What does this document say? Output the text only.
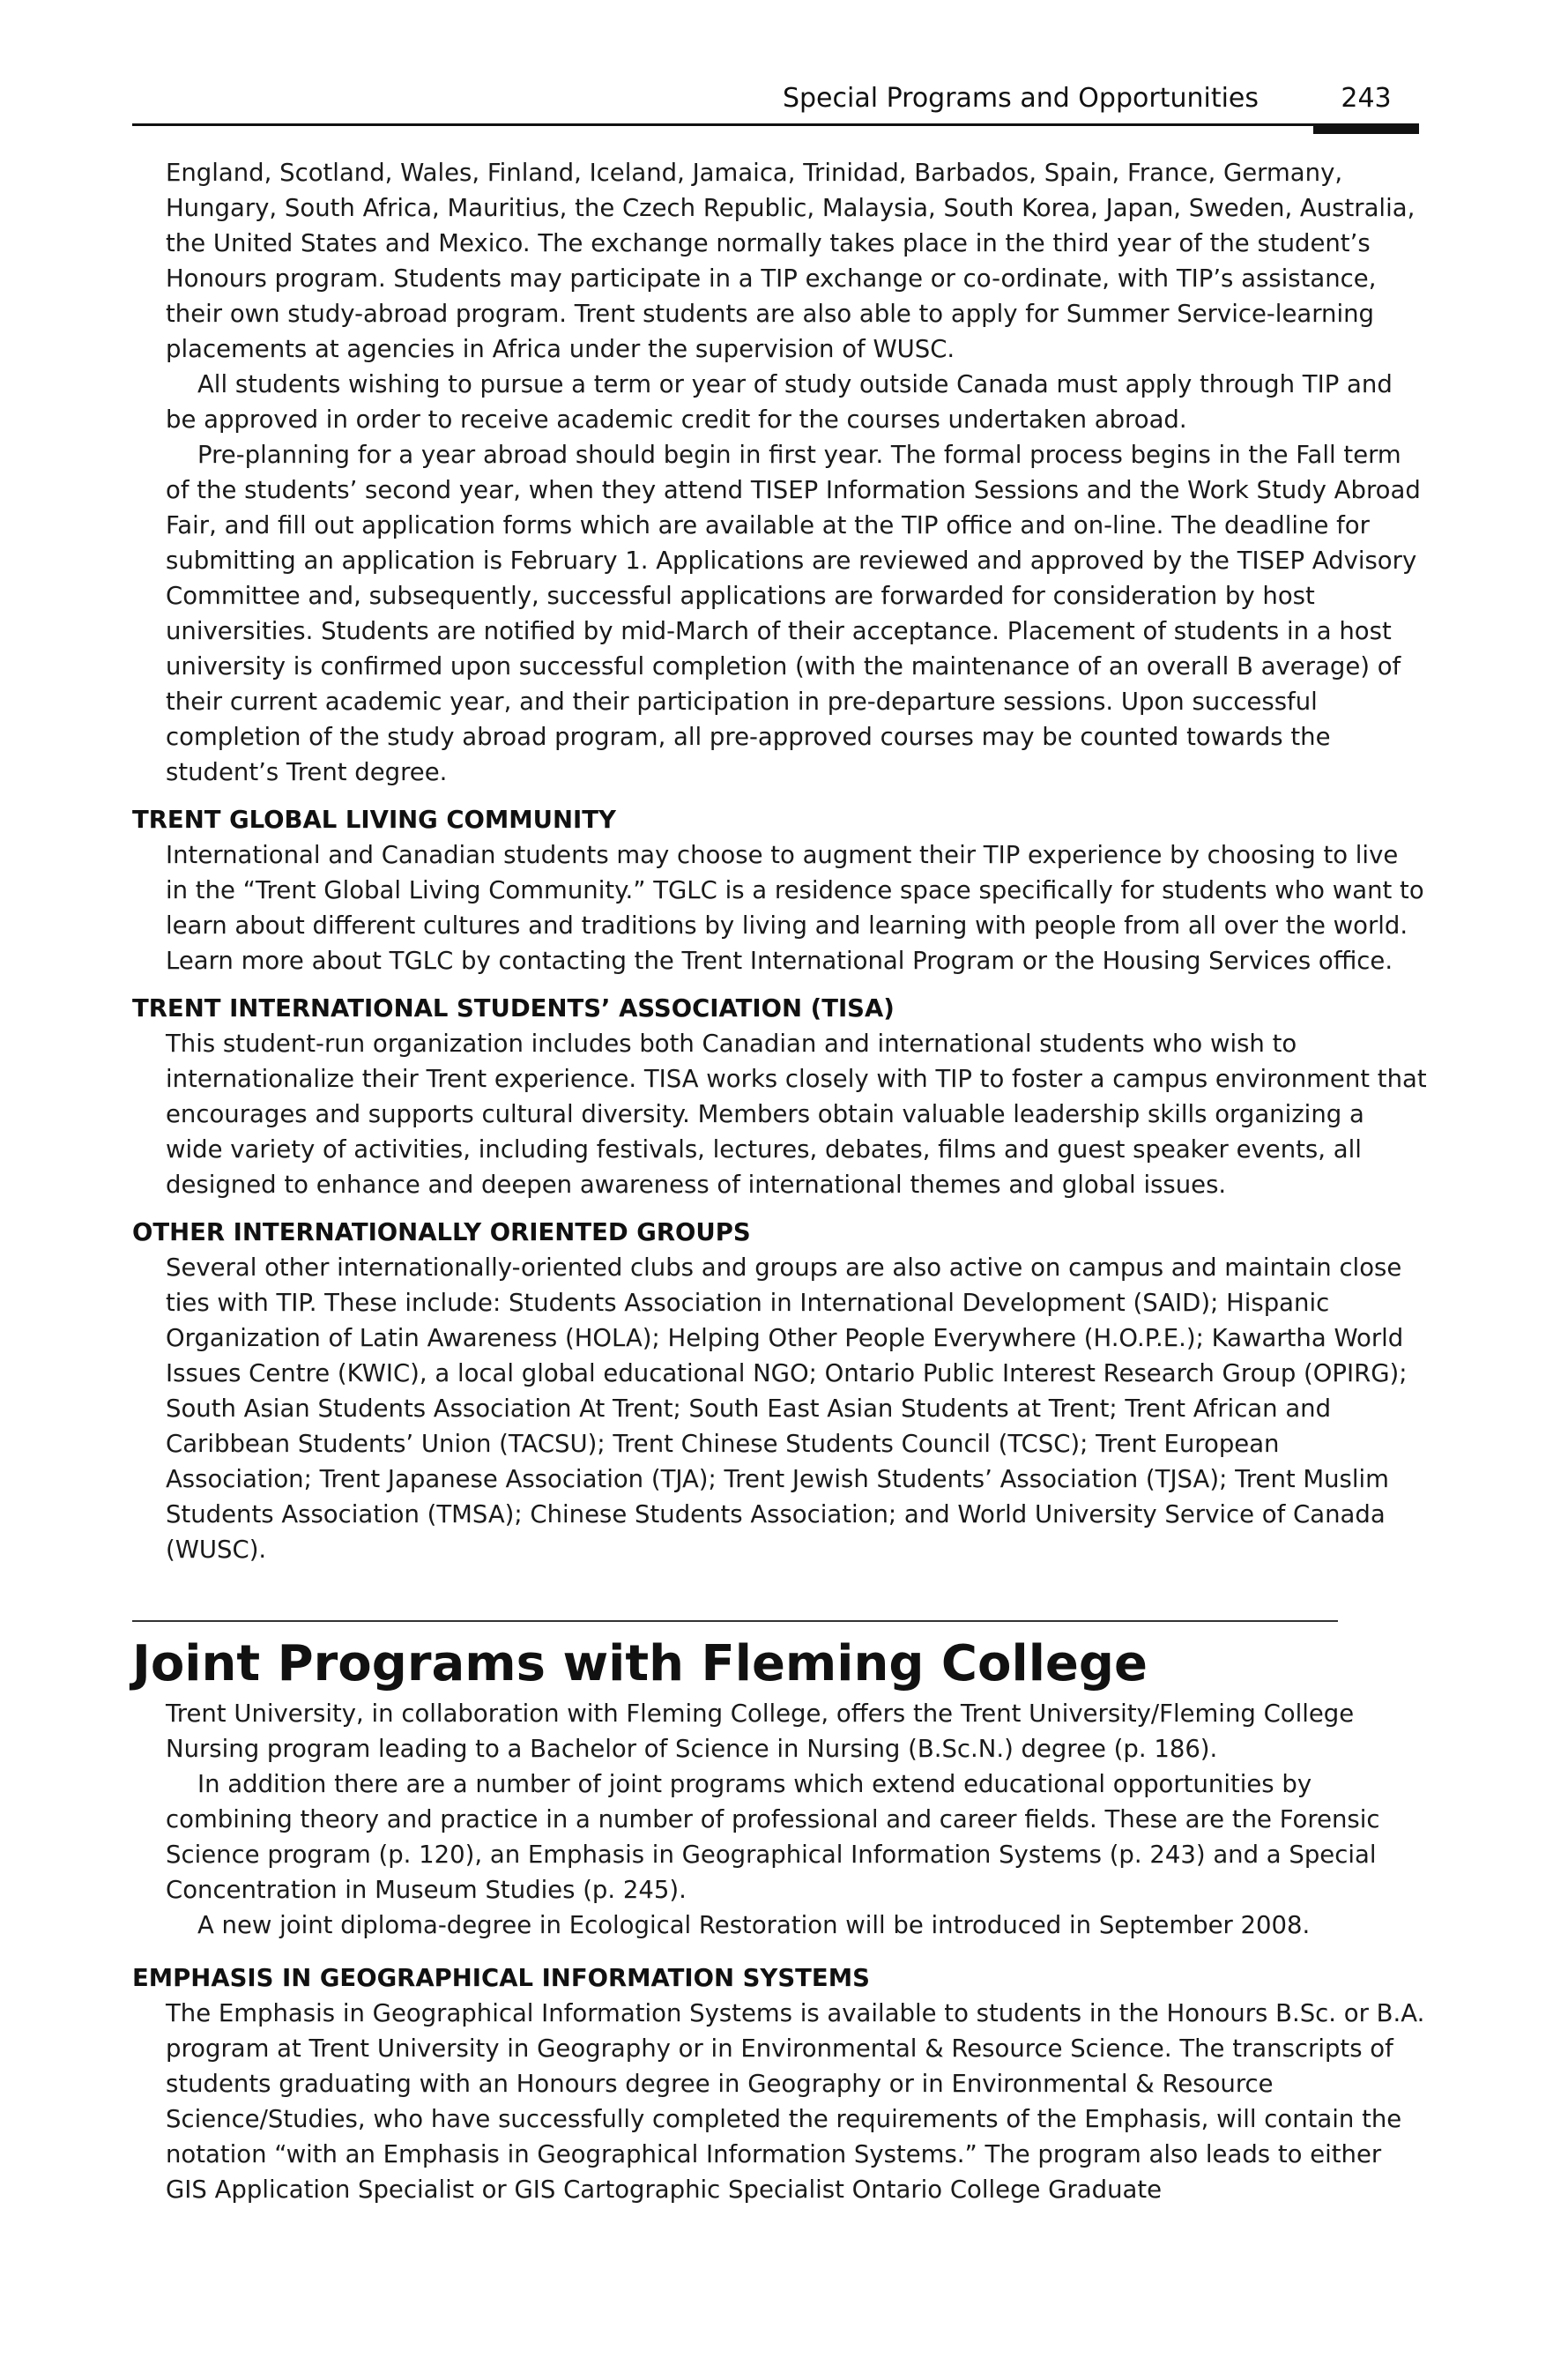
Special Programs and Opportunities	243

England, Scotland, Wales, Finland, Iceland, Jamaica, Trinidad, Barbados, Spain, France, Germany, Hungary, South Africa, Mauritius, the Czech Republic, Malaysia, South Korea, Japan, Sweden, Australia, the United States and Mexico. The exchange normally takes place in the third year of the student’s Honours program. Students may participate in a TIP exchange or co-ordinate, with TIP’s assistance, their own study-abroad program. Trent students are also able to apply for Summer Service-learning placements at agencies in Africa under the supervision of WUSC.

All students wishing to pursue a term or year of study outside Canada must apply through TIP and be approved in order to receive academic credit for the courses undertaken abroad.

Pre-planning for a year abroad should begin in first year. The formal process begins in the Fall term of the students’ second year, when they attend TISEP Information Sessions and the Work Study Abroad Fair, and fill out application forms which are available at the TIP office and on-line. The deadline for submitting an application is February 1. Applications are reviewed and approved by the TISEP Advisory Committee and, subsequently, successful applications are forwarded for consideration by host universities. Students are notified by mid-March of their acceptance. Placement of students in a host university is confirmed upon successful completion (with the maintenance of an overall B average) of their current academic year, and their participation in pre-departure sessions. Upon successful completion of the study abroad program, all pre-approved courses may be counted towards the student’s Trent degree.

TRENT GLOBAL LIVING COMMUNITY

International and Canadian students may choose to augment their TIP experience by choosing to live in the “Trent Global Living Community.” TGLC is a residence space specifically for students who want to learn about different cultures and traditions by living and learning with people from all over the world. Learn more about TGLC by contacting the Trent International Program or the Housing Services office.

TRENT INTERNATIONAL STUDENTS’ ASSOCIATION (TISA)

This student-run organization includes both Canadian and international students who wish to internationalize their Trent experience. TISA works closely with TIP to foster a campus environment that encourages and supports cultural diversity. Members obtain valuable leadership skills organizing a wide variety of activities, including festivals, lectures, debates, films and guest speaker events, all designed to enhance and deepen awareness of international themes and global issues.

OTHER INTERNATIONALLY ORIENTED GROUPS

Several other internationally-oriented clubs and groups are also active on campus and maintain close ties with TIP. These include: Students Association in International Development (SAID); Hispanic Organization of Latin Awareness (HOLA); Helping Other People Everywhere (H.O.P.E.); Kawartha World Issues Centre (KWIC), a local global educational NGO; Ontario Public Interest Research Group (OPIRG); South Asian Students Association At Trent; South East Asian Students at Trent; Trent African and Caribbean Students’ Union (TACSU); Trent Chinese Students Council (TCSC); Trent European Association; Trent Japanese Association (TJA); Trent Jewish Students’ Association (TJSA); Trent Muslim Students Association (TMSA); Chinese Students Association; and World University Service of Canada (WUSC).

Joint Programs with Fleming College

Trent University, in collaboration with Fleming College, offers the Trent University/Fleming College Nursing program leading to a Bachelor of Science in Nursing (B.Sc.N.) degree (p. 186).

In addition there are a number of joint programs which extend educational opportunities by combining theory and practice in a number of professional and career fields. These are the Forensic Science program (p. 120), an Emphasis in Geographical Information Systems (p. 243) and a Special Concentration in Museum Studies (p. 245).

A new joint diploma-degree in Ecological Restoration will be introduced in September 2008.

EMPHASIS IN GEOGRAPHICAL INFORMATION SYSTEMS

The Emphasis in Geographical Information Systems is available to students in the Honours B.Sc. or B.A. program at Trent University in Geography or in Environmental & Resource Science. The transcripts of students graduating with an Honours degree in Geography or in Environmental & Resource Science/Studies, who have successfully completed the requirements of the Emphasis, will contain the notation “with an Emphasis in Geographical Information Systems.” The program also leads to either GIS Application Specialist or GIS Cartographic Specialist Ontario College Graduate
